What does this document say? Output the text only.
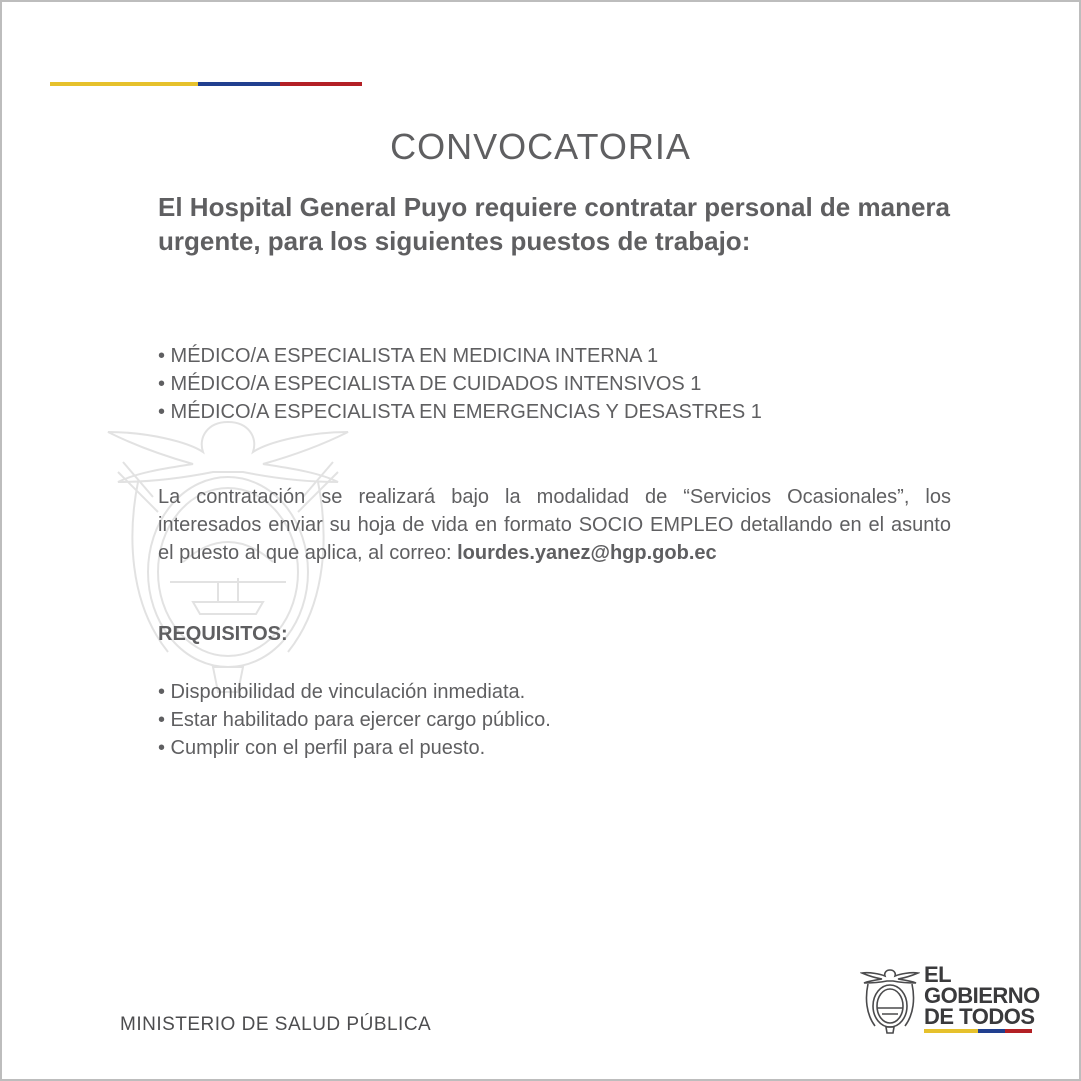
CONVOCATORIA
El Hospital General Puyo requiere contratar personal de manera urgente, para los siguientes puestos de trabajo:
• MÉDICO/A ESPECIALISTA EN MEDICINA INTERNA 1
• MÉDICO/A ESPECIALISTA DE CUIDADOS INTENSIVOS 1
• MÉDICO/A ESPECIALISTA EN EMERGENCIAS Y DESASTRES 1
La contratación se realizará bajo la modalidad de “Servicios Ocasionales”, los interesados enviar su hoja de vida en formato SOCIO EMPLEO detallando en el asunto el puesto al que aplica, al correo: lourdes.yanez@hgp.gob.ec
REQUISITOS:
• Disponibilidad de vinculación inmediata.
• Estar habilitado para ejercer cargo público.
• Cumplir con el perfil para el puesto.
MINISTERIO DE SALUD PÚBLICA
EL
GOBIERNO
DE TODOS
